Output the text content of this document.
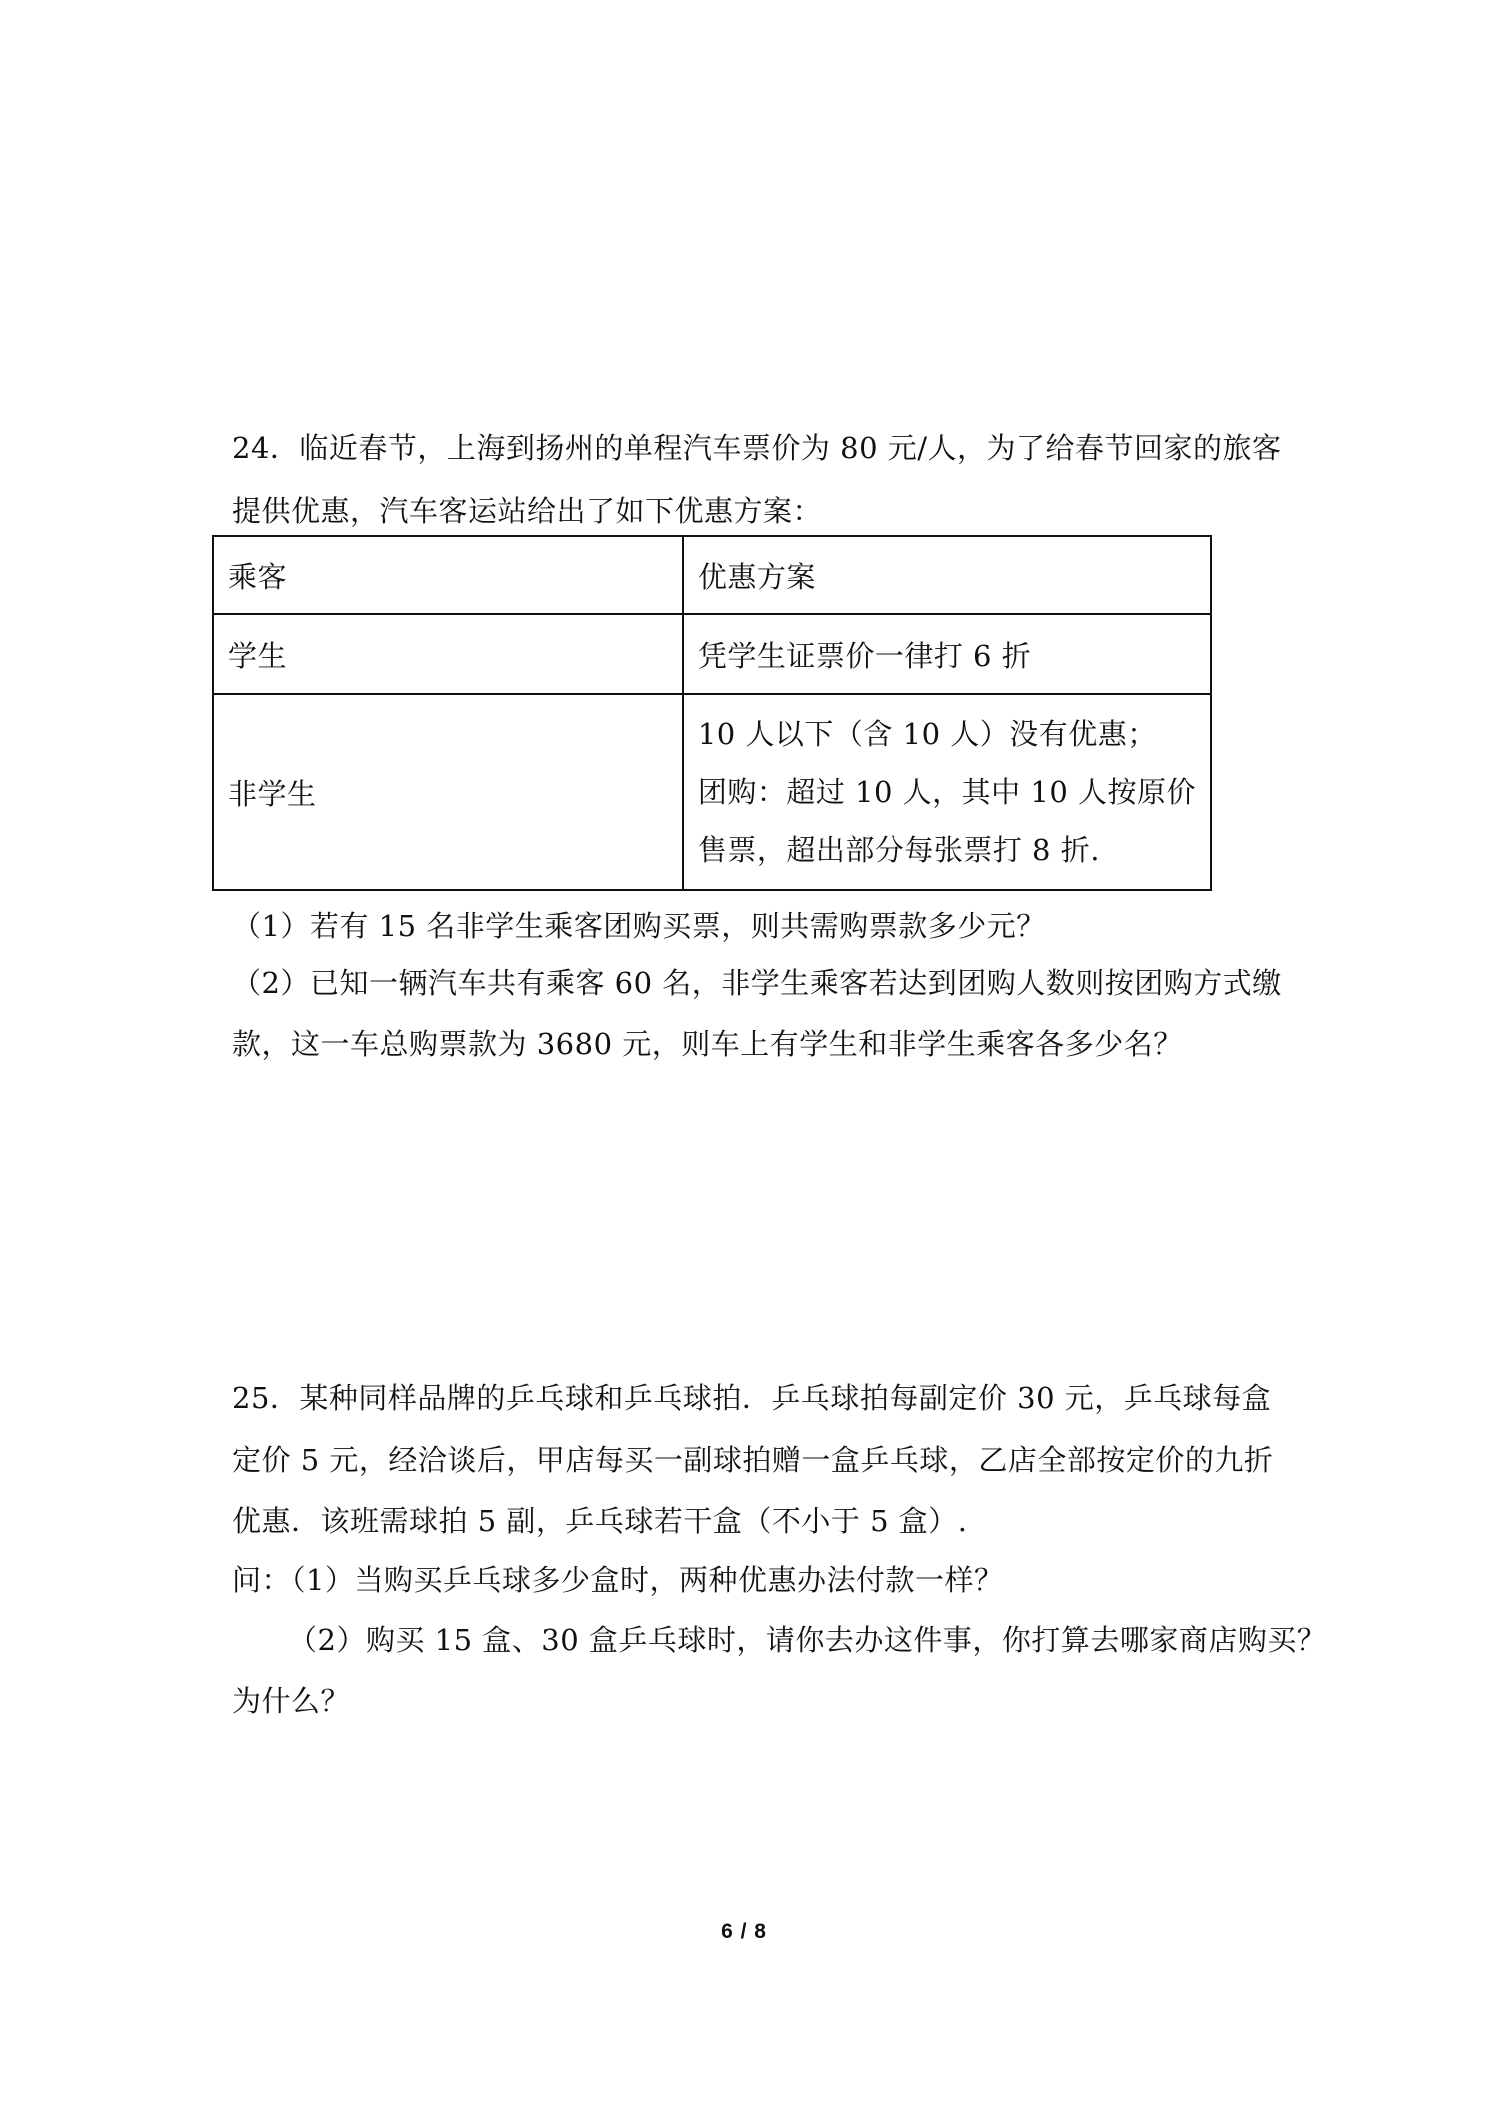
24．临近春节，上海到扬州的单程汽车票价为 80 元/人，为了给春节回家的旅客
提供优惠，汽车客运站给出了如下优惠方案：
乘客	优惠方案
学生	凭学生证票价一律打 6 折
非学生	10 人以下（含 10 人）没有优惠；
团购：超过 10 人，其中 10 人按原价
售票，超出部分每张票打 8 折.
（1）若有 15 名非学生乘客团购买票，则共需购票款多少元？
（2）已知一辆汽车共有乘客 60 名，非学生乘客若达到团购人数则按团购方式缴
款，这一车总购票款为 3680 元，则车上有学生和非学生乘客各多少名？
25．某种同样品牌的乒乓球和乒乓球拍．乒乓球拍每副定价 30 元，乒乓球每盒
定价 5 元，经洽谈后，甲店每买一副球拍赠一盒乒乓球，乙店全部按定价的九折
优惠．该班需球拍 5 副，乒乓球若干盒（不小于 5 盒）.
问：（1）当购买乒乓球多少盒时，两种优惠办法付款一样？
（2）购买 15 盒、30 盒乒乓球时，请你去办这件事，你打算去哪家商店购买？
为什么？
6 / 8
